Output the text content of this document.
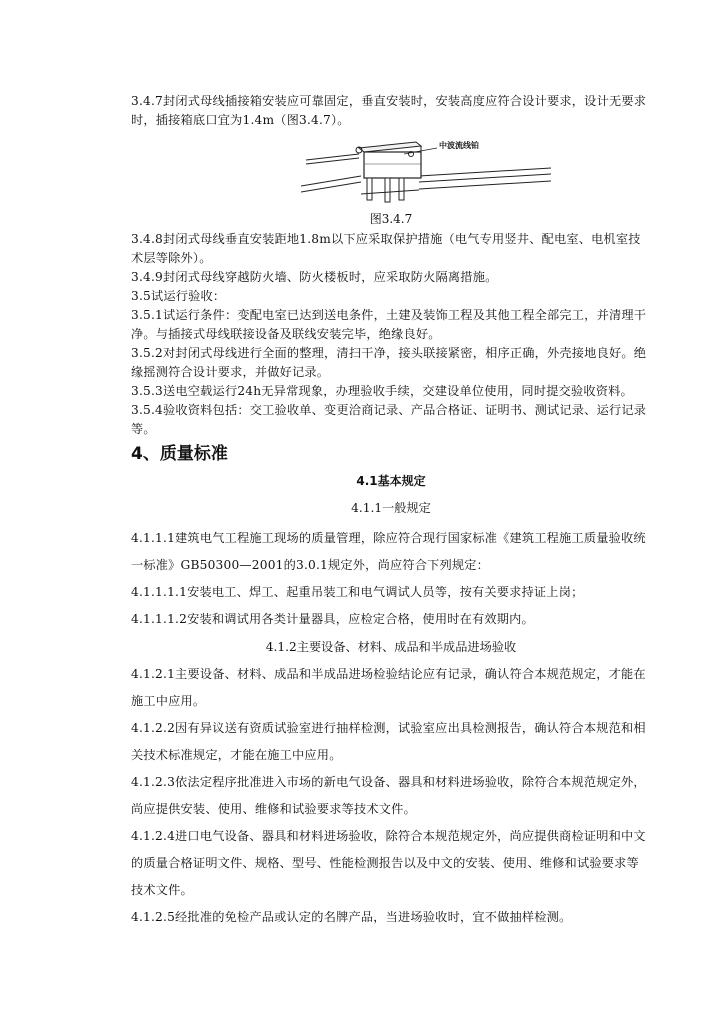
3.4.7封闭式母线插接箱安装应可靠固定，垂直安装时，安装高度应符合设计要求，设计无要求时，插接箱底口宜为1.4m（图3.4.7）。

中波流线铂
图3.4.7

3.4.8封闭式母线垂直安装距地1.8m以下应采取保护措施（电气专用竖井、配电室、电机室技术层等除外）。

3.4.9封闭式母线穿越防火墙、防火楼板时，应采取防火隔离措施。

3.5试运行验收：

3.5.1试运行条件：变配电室已达到送电条件，土建及装饰工程及其他工程全部完工，并清理干净。与插接式母线联接设备及联线安装完毕，绝缘良好。

3.5.2对封闭式母线进行全面的整理，清扫干净，接头联接紧密，相序正确，外壳接地良好。绝缘摇测符合设计要求，并做好记录。

3.5.3送电空载运行24h无异常现象，办理验收手续，交建设单位使用，同时提交验收资料。

3.5.4验收资料包括：交工验收单、变更洽商记录、产品合格证、证明书、测试记录、运行记录等。

4、质量标准
4.1基本规定
4.1.1一般规定

4.1.1.1建筑电气工程施工现场的质量管理，除应符合现行国家标准《建筑工程施工质量验收统一标准》GB50300—2001的3.0.1规定外，尚应符合下列规定：

4.1.1.1.1安装电工、焊工、起重吊装工和电气调试人员等，按有关要求持证上岗；

4.1.1.1.2安装和调试用各类计量器具，应检定合格，使用时在有效期内。

4.1.2主要设备、材料、成品和半成品进场验收

4.1.2.1主要设备、材料、成品和半成品进场检验结论应有记录，确认符合本规范规定，才能在施工中应用。

4.1.2.2因有异议送有资质试验室进行抽样检测，试验室应出具检测报告，确认符合本规范和相关技术标准规定，才能在施工中应用。

4.1.2.3依法定程序批准进入市场的新电气设备、器具和材料进场验收，除符合本规范规定外，尚应提供安装、使用、维修和试验要求等技术文件。

4.1.2.4进口电气设备、器具和材料进场验收，除符合本规范规定外，尚应提供商检证明和中文的质量合格证明文件、规格、型号、性能检测报告以及中文的安装、使用、维修和试验要求等技术文件。

4.1.2.5经批准的免检产品或认定的名牌产品，当进场验收时，宜不做抽样检测。
